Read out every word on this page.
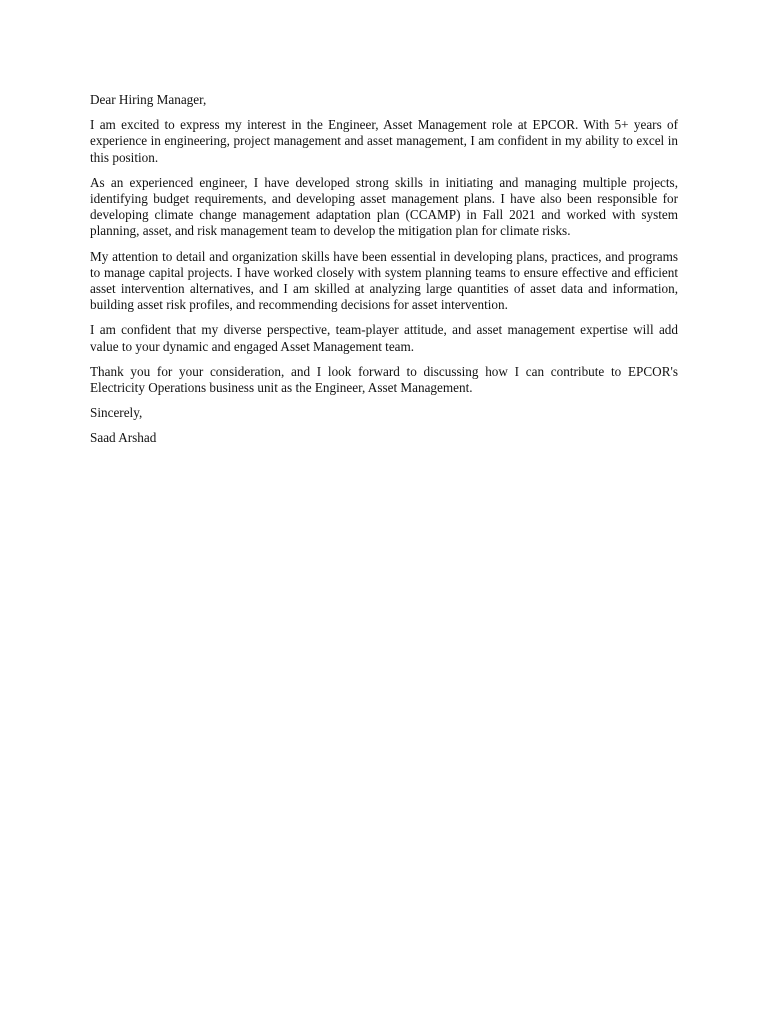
Dear Hiring Manager,

I am excited to express my interest in the Engineer, Asset Management role at EPCOR. With 5+ years of experience in engineering, project management and asset management, I am confident in my ability to excel in this position.

As an experienced engineer, I have developed strong skills in initiating and managing multiple projects, identifying budget requirements, and developing asset management plans. I have also been responsible for developing climate change management adaptation plan (CCAMP) in Fall 2021 and worked with system planning, asset, and risk management team to develop the mitigation plan for climate risks.

My attention to detail and organization skills have been essential in developing plans, practices, and programs to manage capital projects. I have worked closely with system planning teams to ensure effective and efficient asset intervention alternatives, and I am skilled at analyzing large quantities of asset data and information, building asset risk profiles, and recommending decisions for asset intervention.

I am confident that my diverse perspective, team-player attitude, and asset management expertise will add value to your dynamic and engaged Asset Management team.

Thank you for your consideration, and I look forward to discussing how I can contribute to EPCOR's Electricity Operations business unit as the Engineer, Asset Management.

Sincerely,

Saad Arshad
